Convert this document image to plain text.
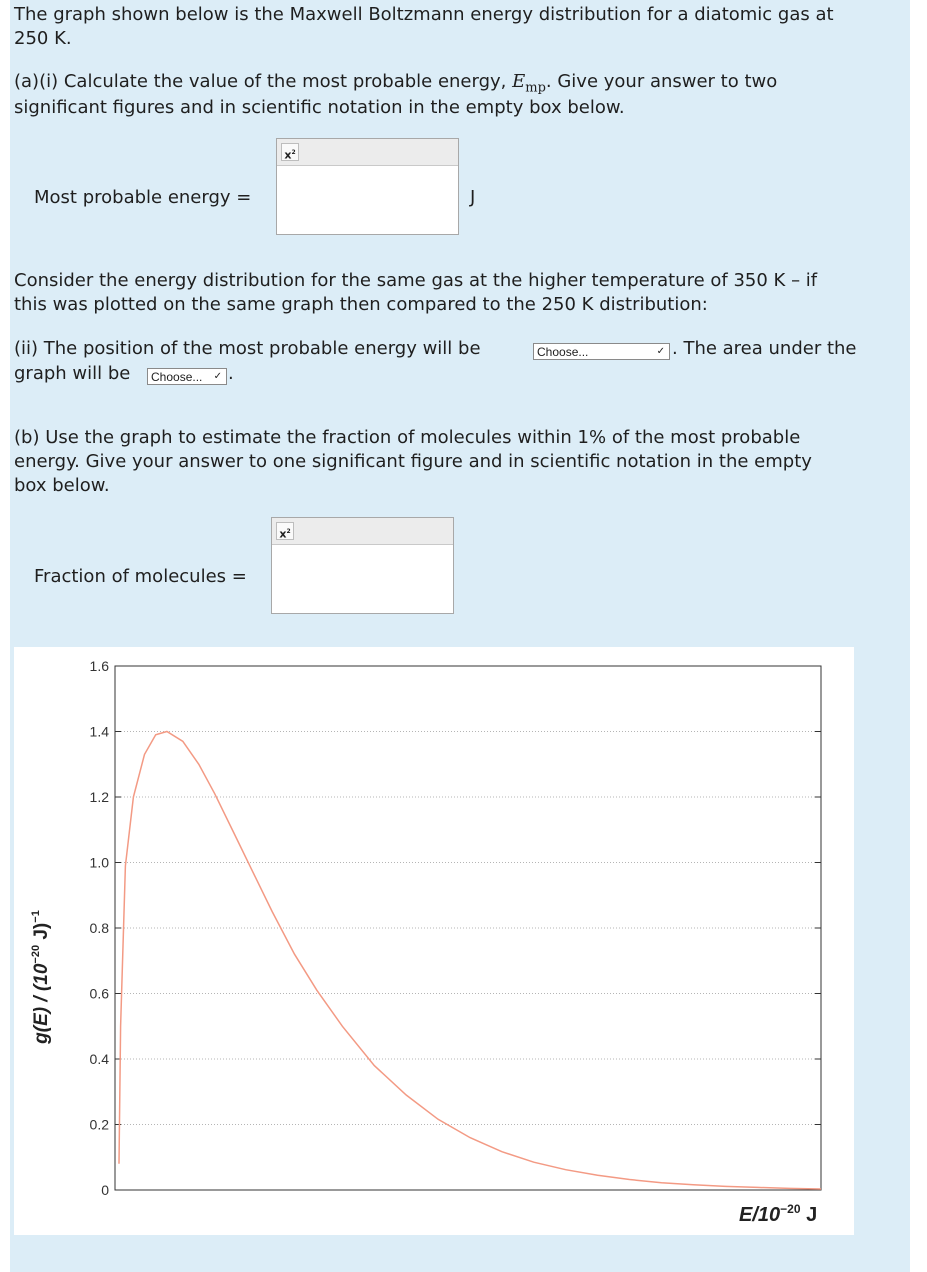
The graph shown below is the Maxwell Boltzmann energy distribution for a diatomic gas at
250 K.
(a)(i) Calculate the value of the most probable energy, $E_{mp}$. Give your answer to two
significant figures and in scientific notation in the empty box below.
Most probable energy =
$x^2$
J
Consider the energy distribution for the same gas at the higher temperature of 350 K – if
this was plotted on the same graph then compared to the 250 K distribution:
(ii) The position of the most probable energy will be	Choose...	✓ . The area under the
graph will be	Choose... ✓ .
(b) Use the graph to estimate the fraction of molecules within 1% of the most probable
energy. Give your answer to one significant figure and in scientific notation in the empty
box below.
Fraction of molecules =
$x^2$
0
0.2
0.4
0.6
0.8
1.0
1.2
1.4
1.6
$E/10^{-20}$ J
$g(E) / (10^{-20}$ J)$^{-1}$
